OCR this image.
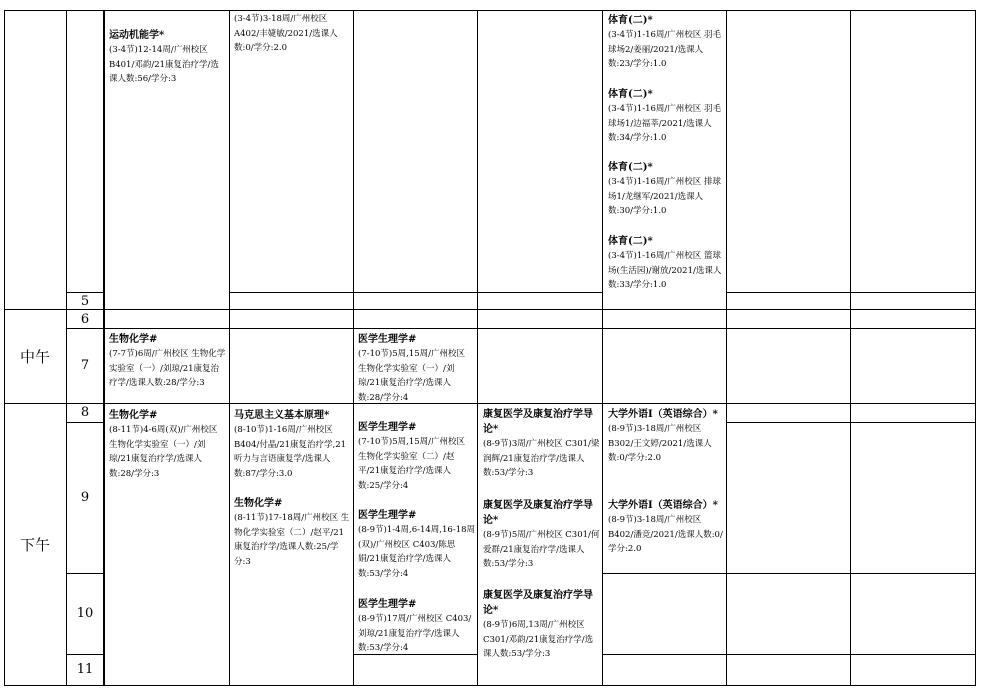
中午
下午
5
6
7
8
9
10
11
运动机能学*
(3-4节)12-14周/广州校区 B401/邓韵/21康复治疗学/选课人数:56/学分:3
(3-4节)3-18周/广州校区 A402/丰婕敏/2021/选课人数:0/学分:2.0
体育(二)*
(3-4节)1-16周/广州校区 羽毛球场2/姜丽/2021/选课人数:23/学分:1.0
体育(二)*
(3-4节)1-16周/广州校区 羽毛球场1/边福莘/2021/选课人数:34/学分:1.0
体育(二)*
(3-4节)1-16周/广州校区 排球场1/龙继军/2021/选课人数:30/学分:1.0
体育(二)*
(3-4节)1-16周/广州校区 篮球场(生活园)/谢放/2021/选课人数:33/学分:1.0
生物化学#
(7-7节)6周/广州校区 生物化学实验室（一）/刘琼/21康复治疗学/选课人数:28/学分:3
医学生理学#
(7-10节)5周,15周/广州校区 生物化学实验室（一）/刘琼/21康复治疗学/选课人数:28/学分:4
生物化学#
(8-11节)4-6周(双)/广州校区 生物化学实验室（一）/刘琼/21康复治疗学/选课人数:28/学分:3
马克思主义基本原理*
(8-10节)1-16周/广州校区 B404/付晶/21康复治疗学,21听力与言语康复学/选课人数:87/学分:3.0
生物化学#
(8-11节)17-18周/广州校区 生物化学实验室（二）/赵平/21康复治疗学/选课人数:25/学分:3
医学生理学#
(7-10节)5周,15周/广州校区 生物化学实验室（二）/赵平/21康复治疗学/选课人数:25/学分:4
医学生理学#
(8-9节)1-4周,6-14周,16-18周(双)/广州校区 C403/陈思娟/21康复治疗学/选课人数:53/学分:4
医学生理学#
(8-9节)17周/广州校区 C403/刘琼/21康复治疗学/选课人数:53/学分:4
康复医学及康复治疗学导论*
(8-9节)3周/广州校区 C301/梁润辉/21康复治疗学/选课人数:53/学分:3
康复医学及康复治疗学导论*
(8-9节)5周/广州校区 C301/何爱群/21康复治疗学/选课人数:53/学分:3
康复医学及康复治疗学导论*
(8-9节)6周,13周/广州校区 C301/邓韵/21康复治疗学/选课人数:53/学分:3
大学外语Ⅰ（英语综合）*
(8-9节)3-18周/广州校区 B302/王文婷/2021/选课人数:0/学分:2.0
大学外语Ⅰ（英语综合）*
(8-9节)3-18周/广州校区 B402/潘竞/2021/选课人数:0/学分:2.0
